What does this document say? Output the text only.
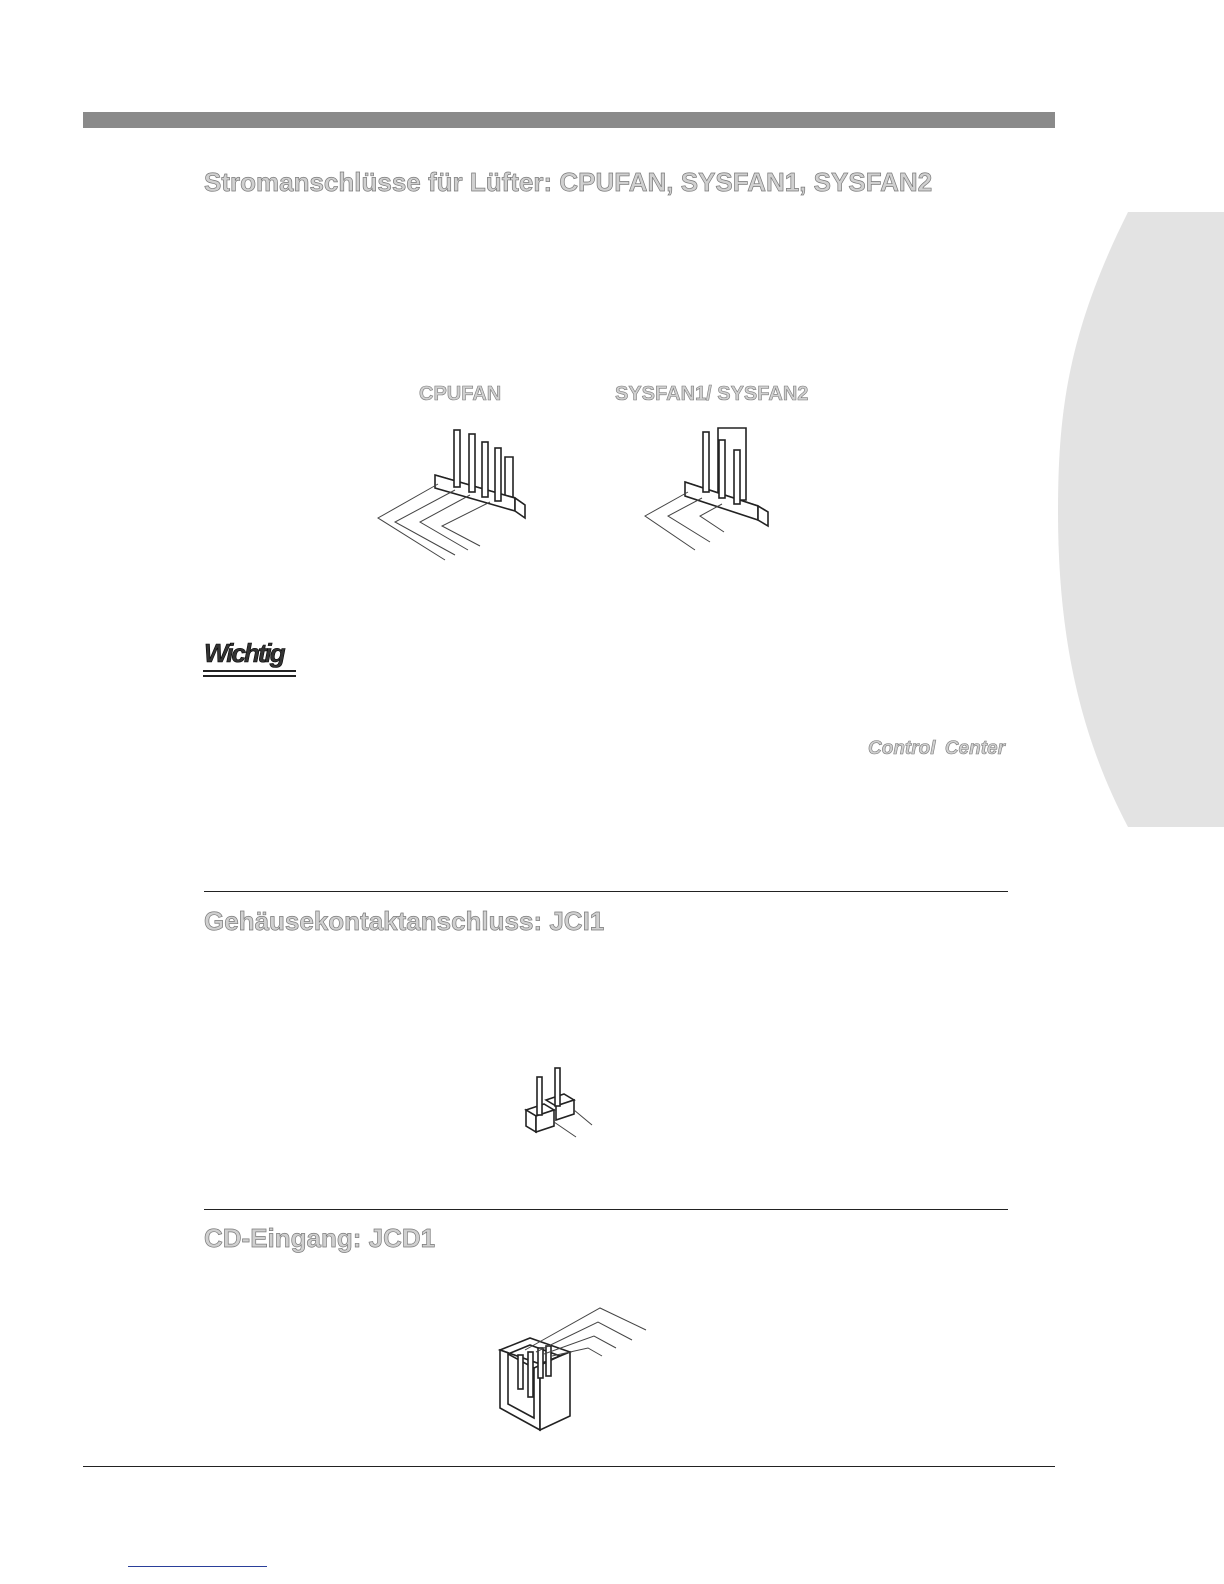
Stromanschlüsse für Lüfter: CPUFAN, SYSFAN1, SYSFAN2
CPUFAN	SYSFAN1/ SYSFAN2
Wichtig
Control Center
Gehäusekontaktanschluss: JCI1
CD-Eingang: JCD1
